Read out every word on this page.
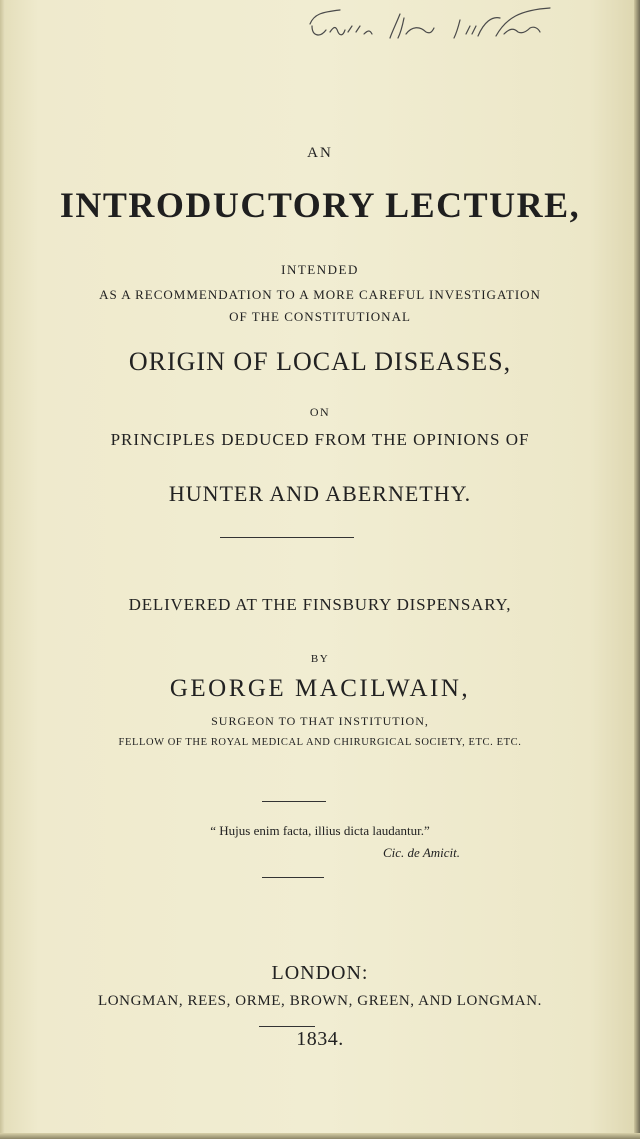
AN
INTRODUCTORY LECTURE,
INTENDED
AS A RECOMMENDATION TO A MORE CAREFUL INVESTIGATION
OF THE CONSTITUTIONAL
ORIGIN OF LOCAL DISEASES,
ON
PRINCIPLES DEDUCED FROM THE OPINIONS OF
HUNTER AND ABERNETHY.
DELIVERED AT THE FINSBURY DISPENSARY,
BY
GEORGE MACILWAIN,
SURGEON TO THAT INSTITUTION,
FELLOW OF THE ROYAL MEDICAL AND CHIRURGICAL SOCIETY, ETC. ETC.
“ Hujus enim facta, illius dicta laudantur.”
Cic. de Amicit.
LONDON:
LONGMAN, REES, ORME, BROWN, GREEN, AND LONGMAN.
1834.
